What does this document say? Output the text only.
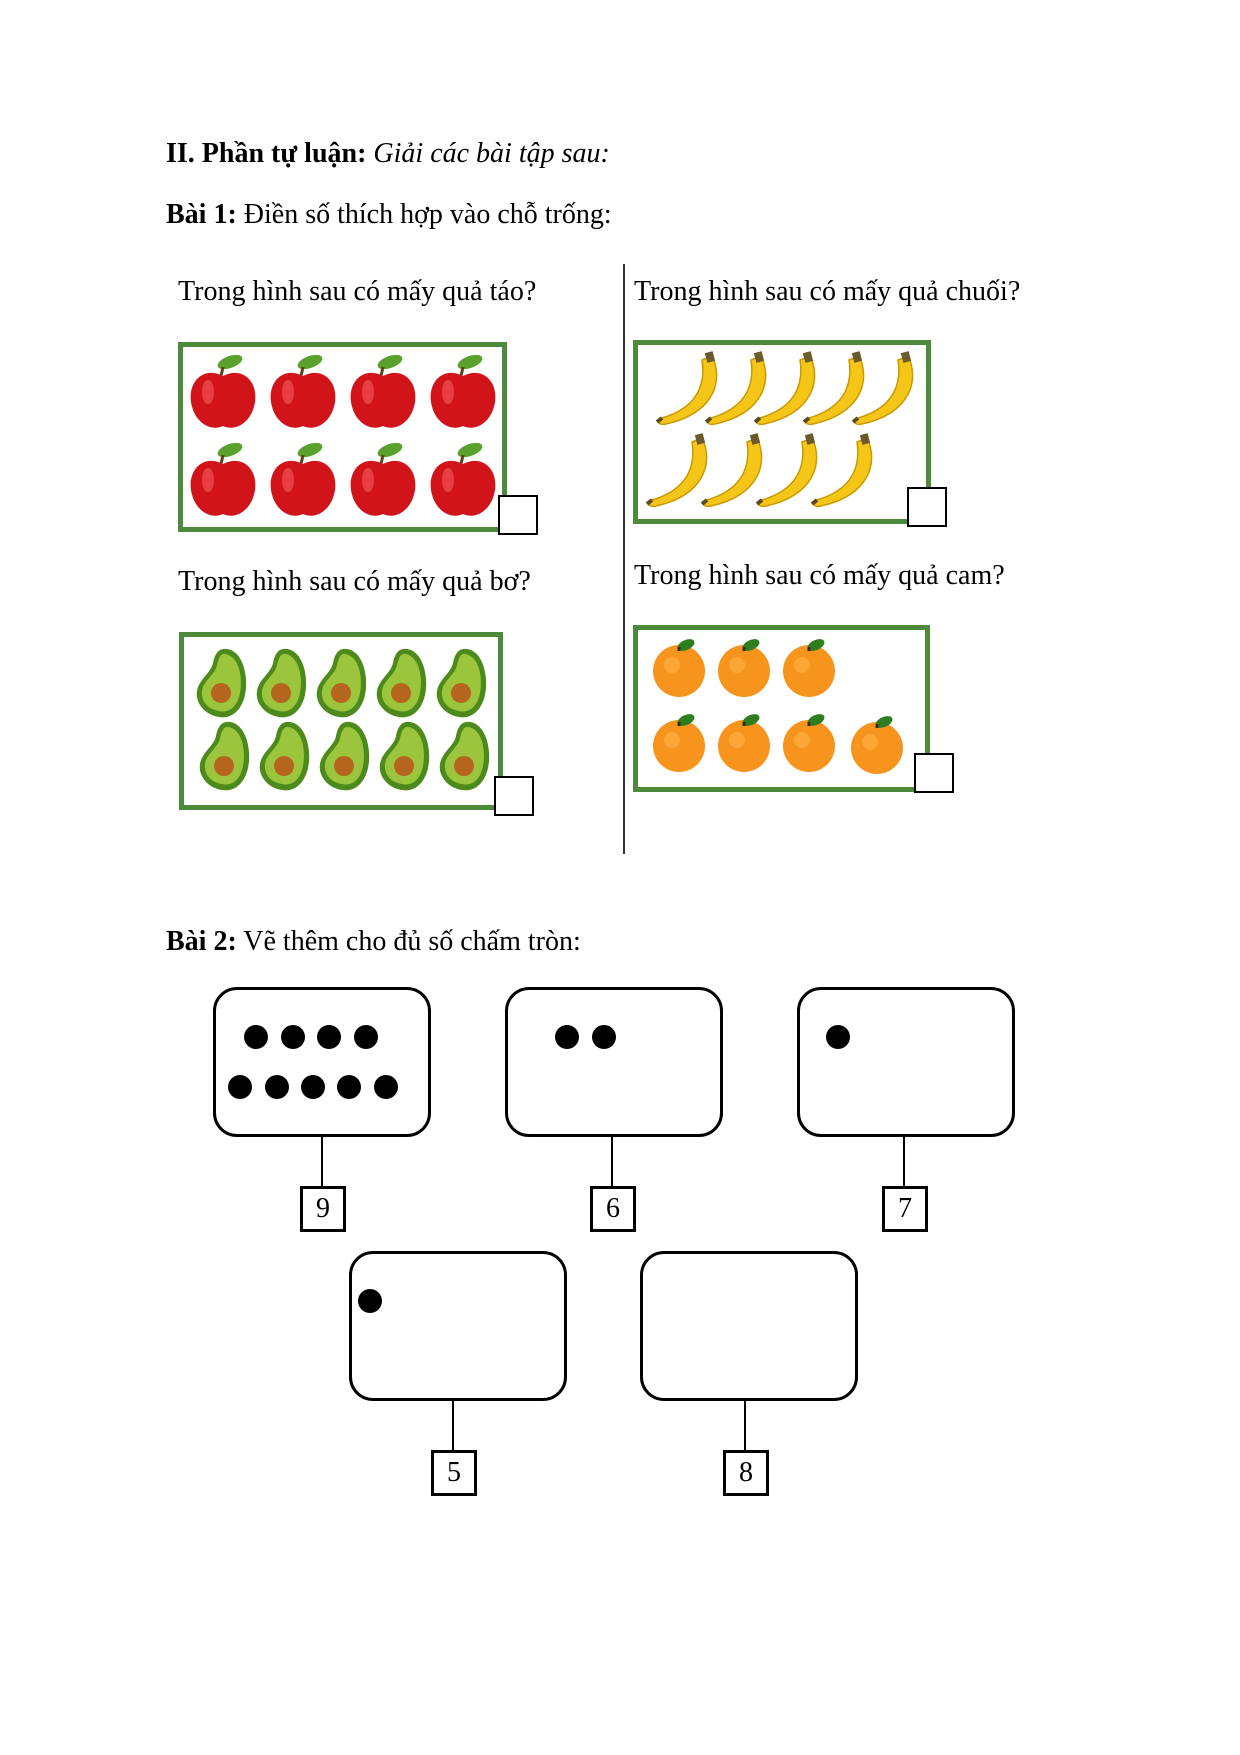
II. Phần tự luận: Giải các bài tập sau:
Bài 1: Điền số thích hợp vào chỗ trống:
Trong hình sau có mấy quả táo?	Trong hình sau có mấy quả chuối?
Trong hình sau có mấy quả bơ?	Trong hình sau có mấy quả cam?
Bài 2: Vẽ thêm cho đủ số chấm tròn:
9	6	7
5	8
